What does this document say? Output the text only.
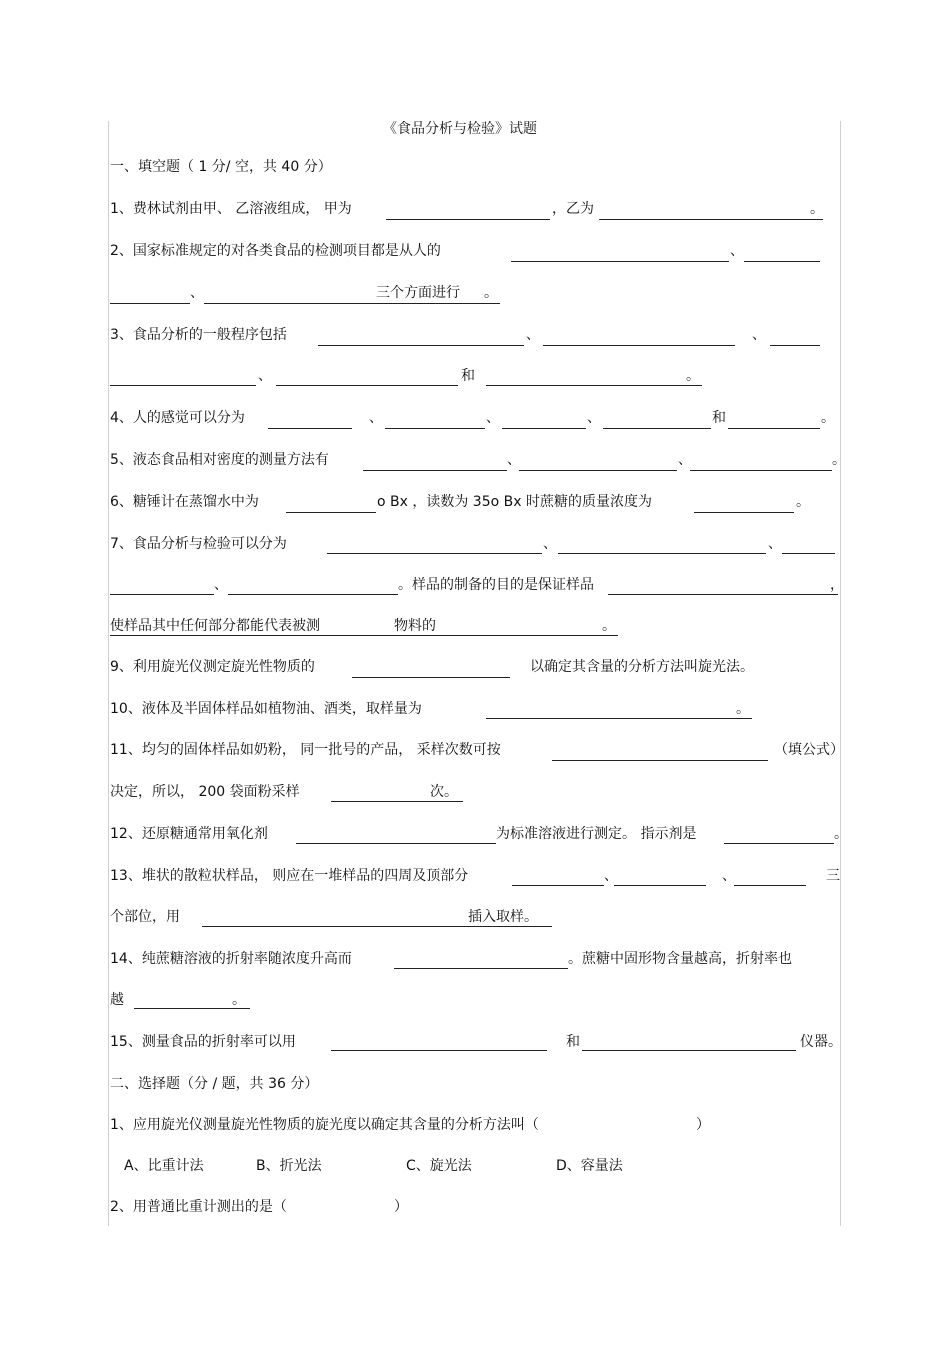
《食品分析与检验》试题
一、填空题（ 1 分/ 空，共 40 分）
1、费林试剂由甲、 乙溶液组成， 甲为	，乙为	。
2、国家标准规定的对各类食品的检测项目都是从人的	、
、	三个方面进行 。
3、食品分析的一般程序包括	、	、
、	和	。
4、人的感觉可以分为	、	、	、	和	。
5、液态食品相对密度的测量方法有	、	、	。
6、糖锤计在蒸馏水中为	o Bx ，读数为 35o Bx 时蔗糖的质量浓度为	。
7、食品分析与检验可以分为	、	、
、	。样品的制备的目的是保证样品	，
使样品其中任何部分都能代表被测	物料的	。
9、利用旋光仪测定旋光性物质的	以确定其含量的分析方法叫旋光法。
10、液体及半固体样品如植物油、酒类，取样量为	。
11、均匀的固体样品如奶粉， 同一批号的产品， 采样次数可按	（填公式）
决定，所以， 200 袋面粉采样	次。
12、还原糖通常用氧化剂	为标准溶液进行测定。 指示剂是	。
13、堆状的散粒状样品， 则应在一堆样品的四周及顶部分	、	、	三
个部位，用	插入取样。
14、纯蔗糖溶液的折射率随浓度升高而	。蔗糖中固形物含量越高，折射率也
越	。
15、测量食品的折射率可以用	和	仪器。
二、选择题（分 / 题，共 36 分）
1、应用旋光仪测量旋光性物质的旋光度以确定其含量的分析方法叫（	）
A、比重计法	B、折光法	C、旋光法	D、容量法
2、用普通比重计测出的是（	）
